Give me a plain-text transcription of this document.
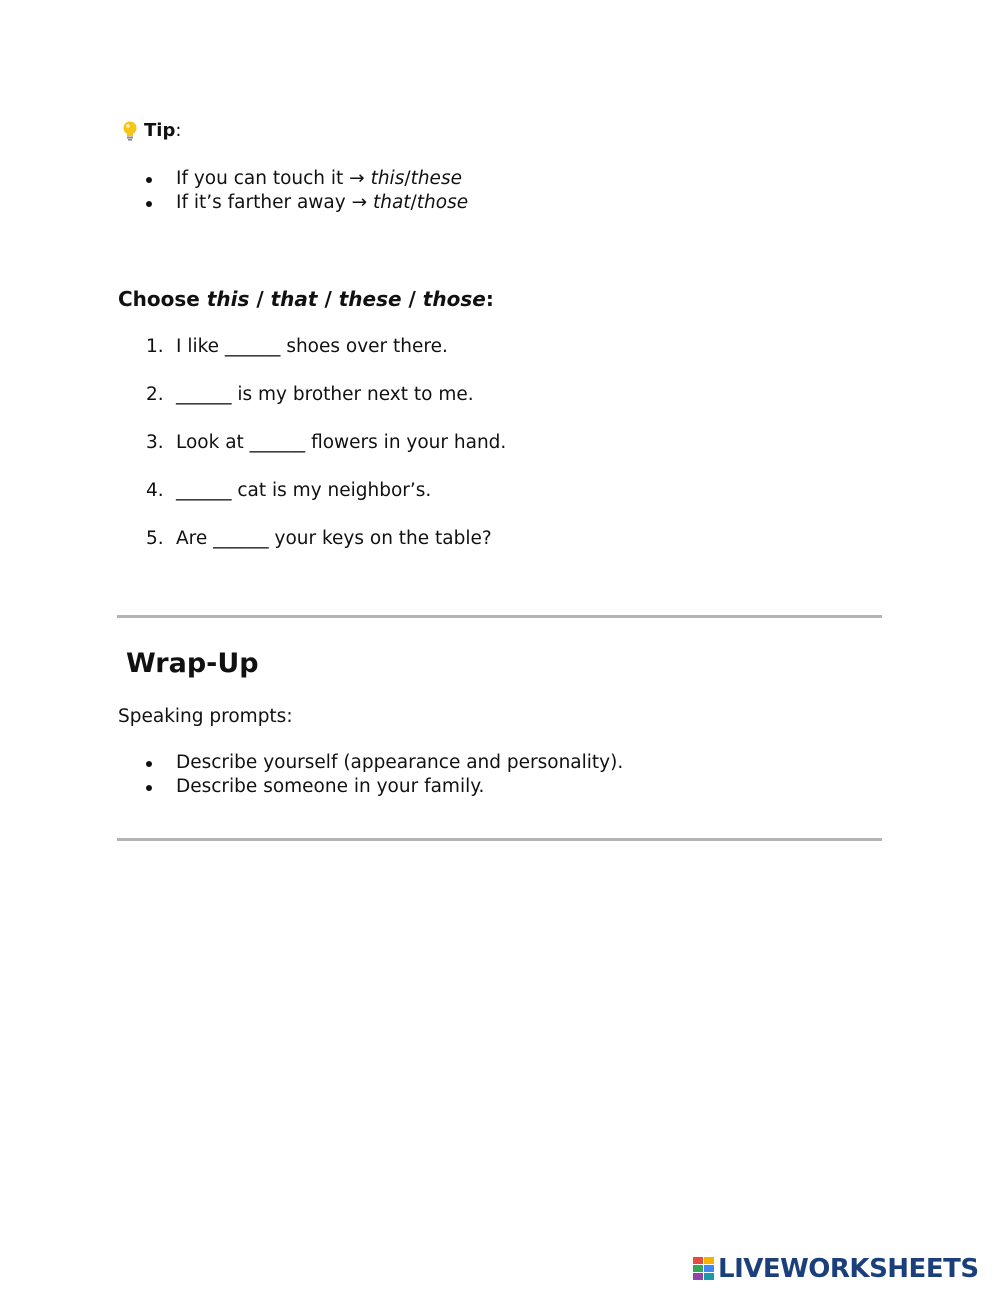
Tip :
If you can touch it → this/these
If it’s farther away → that/those
Choose this / that / these / those:
1. I like ______ shoes over there.
2. ______ is my brother next to me.
3. Look at ______ flowers in your hand.
4. ______ cat is my neighbor’s.
5. Are ______ your keys on the table?
Wrap-Up
Speaking prompts:
Describe yourself (appearance and personality).
Describe someone in your family.
LIVEWORKSHEETS
